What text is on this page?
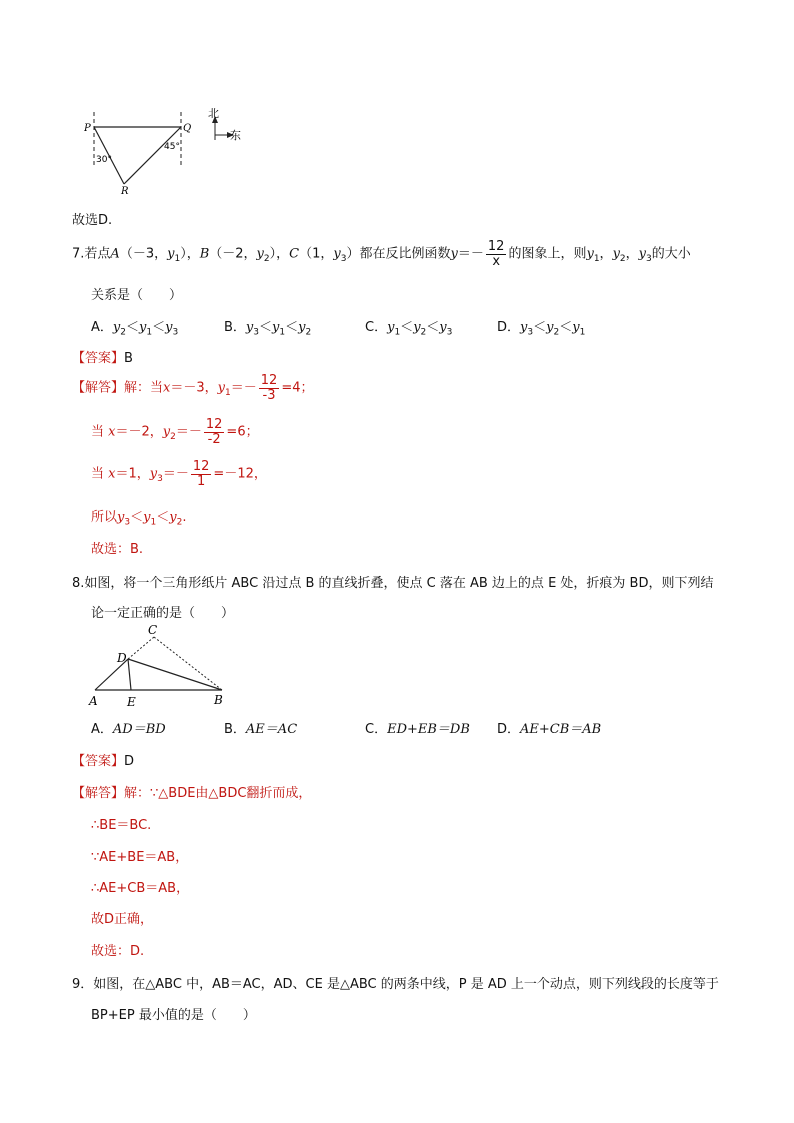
P	Q
R
30°
45°
北
东
故选D.
7.若点A（－3，$y_1$），B（－2，$y_2$），C（1，$y_3$）都在反比例函数$y=- \frac{12}{x}$ 的图象上，则$y_1$，$y_2$，$y_3$的大小
关系是（　　）
A．$y_2<y_1<y_3$	B．$y_3<y_1<y_2$	C．$y_1<y_2<y_3$	D．$y_3<y_2<y_1$
【答案】B
【解答】解：当x＝－3，$y_1=- \frac{12}{-3} =4$；
当 x＝－2，$y_2=- \frac{12}{-2} =6$；
当 x＝1，$y_3=- \frac{12}{1} =-12$，
所以$y_3<y_1<y_2$.
故选：B.
8.如图，将一个三角形纸片 ABC 沿过点 B 的直线折叠，使点 C 落在 AB 边上的点 E 处，折痕为 BD，则下列结
论一定正确的是（　　）
A	B
C
D
E
A．AD＝BD	B．AE＝AC	C．ED+EB＝DB D．AE+CB＝AB
【答案】D
【解答】解：∵△BDE由△BDC翻折而成，
∴BE＝BC.
∵AE+BE＝AB，
∴AE+CB＝AB，
故D正确，
故选：D.
9．如图，在△ABC 中，AB＝AC，AD、CE 是△ABC 的两条中线，P 是 AD 上一个动点，则下列线段的长度等于
BP+EP 最小值的是（　　）
